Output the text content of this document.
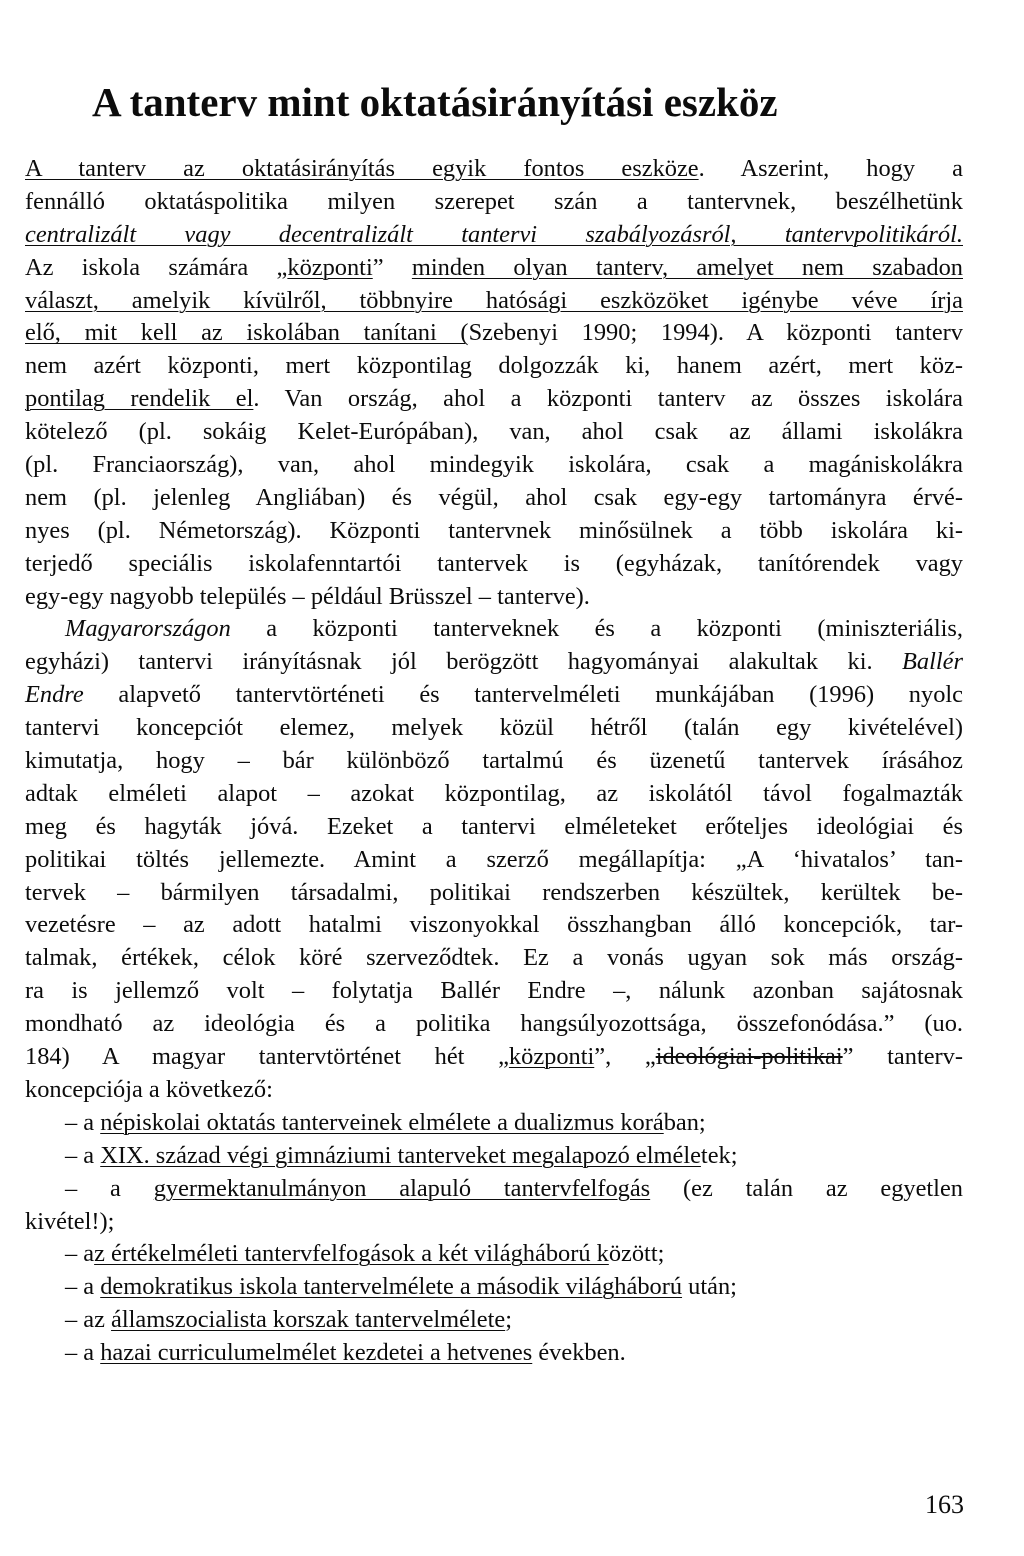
A tanterv mint oktatásirányítási eszköz
A tanterv az oktatásirányítás egyik fontos eszköze. Aszerint, hogy a
fennálló oktatáspolitika milyen szerepet szán a tantervnek, beszélhetünk
centralizált vagy decentralizált tantervi szabályozásról, tantervpolitikáról.
Az iskola számára „központi” minden olyan tanterv, amelyet nem szabadon
választ, amelyik kívülről, többnyire hatósági eszközöket igénybe véve írja
elő, mit kell az iskolában tanítani (Szebenyi 1990; 1994). A központi tanterv
nem azért központi, mert központilag dolgozzák ki, hanem azért, mert köz-
pontilag rendelik el. Van ország, ahol a központi tanterv az összes iskolára
kötelező (pl. sokáig Kelet-Európában), van, ahol csak az állami iskolákra
(pl. Franciaország), van, ahol mindegyik iskolára, csak a magániskolákra
nem (pl. jelenleg Angliában) és végül, ahol csak egy-egy tartományra érvé-
nyes (pl. Németország). Központi tantervnek minősülnek a több iskolára ki-
terjedő speciális iskolafenntartói tantervek is (egyházak, tanítórendek vagy
egy-egy nagyobb település – például Brüsszel – tanterve).
Magyarországon a központi tanterveknek és a központi (miniszteriális,
egyházi) tantervi irányításnak jól berögzött hagyományai alakultak ki. Ballér
Endre alapvető tantervtörténeti és tantervelméleti munkájában (1996) nyolc
tantervi koncepciót elemez, melyek közül hétről (talán egy kivételével)
kimutatja, hogy – bár különböző tartalmú és üzenetű tantervek írásához
adtak elméleti alapot – azokat központilag, az iskolától távol fogalmazták
meg és hagyták jóvá. Ezeket a tantervi elméleteket erőteljes ideológiai és
politikai töltés jellemezte. Amint a szerző megállapítja: „A ‘hivatalos’ tan-
tervek – bármilyen társadalmi, politikai rendszerben készültek, kerültek be-
vezetésre – az adott hatalmi viszonyokkal összhangban álló koncepciók, tar-
talmak, értékek, célok köré szerveződtek. Ez a vonás ugyan sok más ország-
ra is jellemző volt – folytatja Ballér Endre –, nálunk azonban sajátosnak
mondható az ideológia és a politika hangsúlyozottsága, összefonódása.” (uo.
184) A magyar tantervtörténet hét „központi”, „ideológiai-politikai” tanterv-
koncepciója a következő:
– a népiskolai oktatás tanterveinek elmélete a dualizmus korában;
– a XIX. század végi gimnáziumi tanterveket megalapozó elméletek;
– a gyermektanulmányon alapuló tantervfelfogás (ez talán az egyetlen
kivétel!);
– az értékelméleti tantervfelfogások a két világháború között;
– a demokratikus iskola tantervelmélete a második világháború után;
– az államszocialista korszak tantervelmélete;
– a hazai curriculumelmélet kezdetei a hetvenes években.
163
